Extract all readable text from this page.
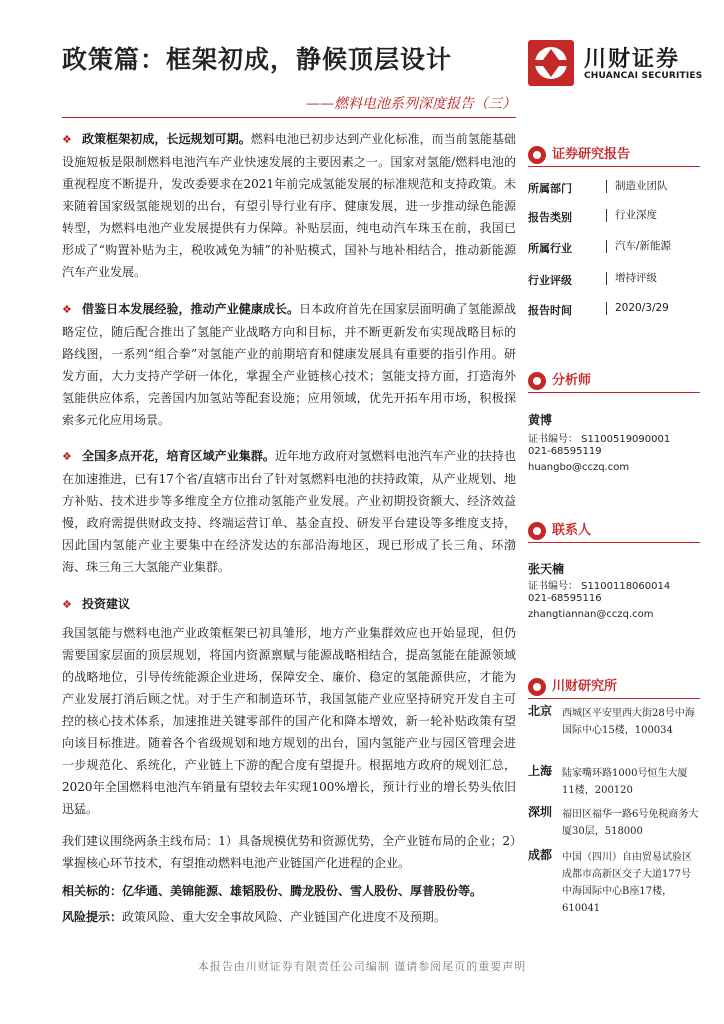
政策篇：框架初成，静候顶层设计
——燃料电池系列深度报告（三）
川财证券
CHUANCAI SECURITIES

❖ 政策框架初成，长远规划可期。燃料电池已初步达到产业化标准，而当前氢能基础设施短板是限制燃料电池汽车产业快速发展的主要因素之一。国家对氢能/燃料电池的重视程度不断提升，发改委要求在2021年前完成氢能发展的标准规范和支持政策。未来随着国家级氢能规划的出台，有望引导行业有序、健康发展，进一步推动绿色能源转型，为燃料电池产业发展提供有力保障。补贴层面，纯电动汽车珠玉在前，我国已形成了“购置补贴为主，税收减免为辅”的补贴模式，国补与地补相结合，推动新能源汽车产业发展。

❖ 借鉴日本发展经验，推动产业健康成长。日本政府首先在国家层面明确了氢能源战略定位，随后配合推出了氢能产业战略方向和目标，并不断更新发布实现战略目标的路线图，一系列“组合拳”对氢能产业的前期培育和健康发展具有重要的指引作用。研发方面，大力支持产学研一体化，掌握全产业链核心技术；氢能支持方面，打造海外氢能供应体系，完善国内加氢站等配套设施；应用领域，优先开拓车用市场，积极探索多元化应用场景。

❖ 全国多点开花，培育区域产业集群。近年地方政府对氢燃料电池汽车产业的扶持也在加速推进，已有17个省/直辖市出台了针对氢燃料电池的扶持政策，从产业规划、地方补贴、技术进步等多维度全方位推动氢能产业发展。产业初期投资额大、经济效益慢，政府需提供财政支持、终端运营订单、基金直投、研发平台建设等多维度支持，因此国内氢能产业主要集中在经济发达的东部沿海地区，现已形成了长三角、环渤海、珠三角三大氢能产业集群。

❖ 投资建议

我国氢能与燃料电池产业政策框架已初具雏形，地方产业集群效应也开始显现，但仍需要国家层面的顶层规划，将国内资源禀赋与能源战略相结合，提高氢能在能源领域的战略地位，引导传统能源企业进场，保障安全、廉价、稳定的氢能源供应，才能为产业发展打消后顾之忧。对于生产和制造环节，我国氢能产业应坚持研究开发自主可控的核心技术体系，加速推进关键零部件的国产化和降本增效，新一轮补贴政策有望向该目标推进。随着各个省级规划和地方规划的出台，国内氢能产业与园区管理会进一步规范化、系统化，产业链上下游的配合度有望提升。根据地方政府的规划汇总，2020年全国燃料电池汽车销量有望较去年实现100%增长，预计行业的增长势头依旧迅猛。

我们建议围绕两条主线布局：1）具备规模优势和资源优势，全产业链布局的企业；2）掌握核心环节技术，有望推动燃料电池产业链国产化进程的企业。

相关标的：亿华通、美锦能源、雄韬股份、腾龙股份、雪人股份、厚普股份等。

风险提示：政策风险、重大安全事故风险、产业链国产化进度不及预期。

证券研究报告
所属部门	制造业团队
报告类别	行业深度
所属行业	汽车/新能源
行业评级	增持评级
报告时间	2020/3/29
分析师
黄博
证书编号： S1100519090001
021-68595119
huangbo@cczq.com
联系人
张天楠
证书编号： S1100118060014
021-68595116
zhangtiannan@cczq.com
川财研究所
北京 西城区平安里西大街28号中海国际中心15楼，100034
上海 陆家嘴环路1000号恒生大厦11楼，200120
深圳 福田区福华一路6号免税商务大厦30层，518000
成都 中国（四川）自由贸易试验区成都市高新区交子大道177号中海国际中心B座17楼，610041
本报告由川财证券有限责任公司编制 谨请参阅尾页的重要声明
